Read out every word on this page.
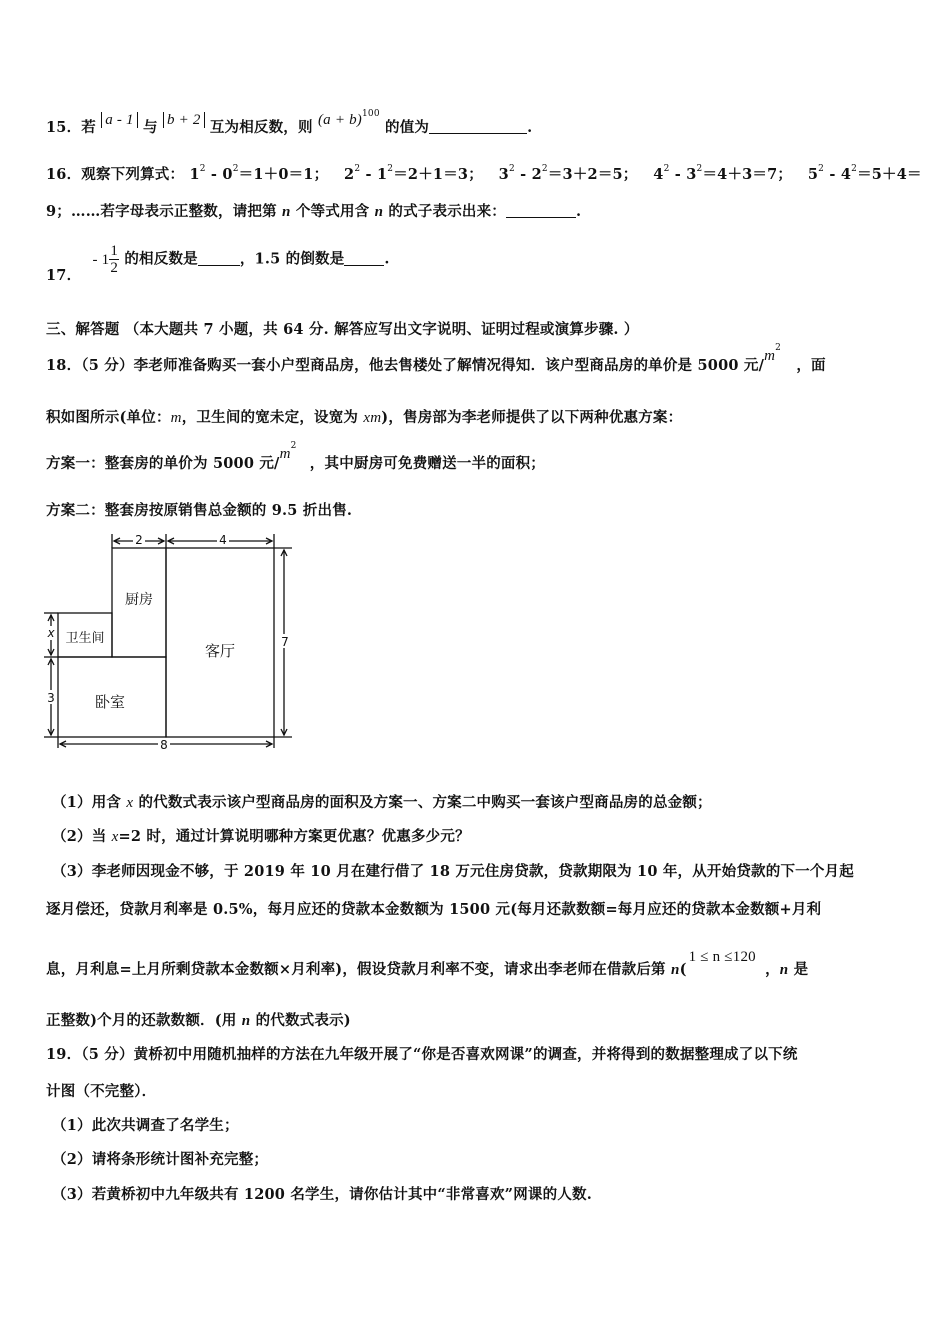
15．若 a - 1 与 b + 2 互为相反数，则 $(a + b)^{100}$ 的值为	.
16．观察下列算式： $1^2 - 0^2=1+0=1$； $2^2 - 1^2=2+1=3$； $3^2 - 2^2=3+2=5$； $4^2 - 3^2=4+3=7$； $5^2 - 4^2=5+4=$
9；……若字母表示正整数，请把第 n 个等式用含 n 的式子表示出来：	.
17． - $1 \frac{1}{2}$ 的相反数是	，1.5 的倒数是	.
三、解答题 （本大题共 7 小题，共 64 分. 解答应写出文字说明、证明过程或演算步骤. ）
18．（5 分）李老师准备购买一套小户型商品房，他去售楼处了解情况得知．该户型商品房的单价是 5000 元$/m^2$ ，面
积如图所示(单位：m，卫生间的宽未定，设宽为 xm)，售房部为李老师提供了以下两种优惠方案：
方案一：整套房的单价为 5000 元$/m^2$ ，其中厨房可免费赠送一半的面积；
方案二：整套房按原销售总金额的 9.5 折出售.
2	4
7
x
3
8
厨房
卫生间
客厅
卧室
（1）用含 x 的代数式表示该户型商品房的面积及方案一、方案二中购买一套该户型商品房的总金额；
（2）当 x=2 时，通过计算说明哪种方案更优惠？优惠多少元？
（3）李老师因现金不够，于 2019 年 10 月在建行借了 18 万元住房贷款，贷款期限为 10 年，从开始贷款的下一个月起
逐月偿还，贷款月利率是 0.5%，每月应还的贷款本金数额为 1500 元(每月还款数额=每月应还的贷款本金数额+月利
息，月利息=上月所剩贷款本金数额×月利率)，假设贷款月利率不变，请求出李老师在借款后第 n(1 ≤ n ≤120 ，n 是
正整数)个月的还款数额．(用 n 的代数式表示)
19．（5 分）黄桥初中用随机抽样的方法在九年级开展了“你是否喜欢网课”的调查，并将得到的数据整理成了以下统
计图（不完整）．
（1）此次共调查了名学生；
（2）请将条形统计图补充完整；
（3）若黄桥初中九年级共有 1200 名学生，请你估计其中“非常喜欢”网课的人数.
